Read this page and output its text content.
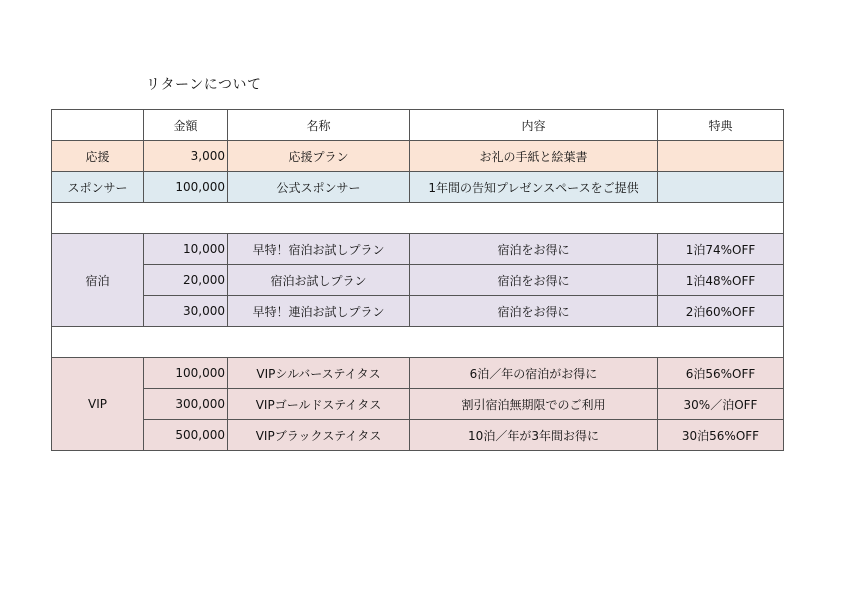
リターンについて
	金額	名称	内容	特典
応援	3,000	応援プラン	お礼の手紙と絵葉書	
スポンサー	100,000	公式スポンサー	1年間の告知プレゼンスペースをご提供	

宿泊	10,000	早特！宿泊お試しプラン	宿泊をお得に	1泊74%OFF
	20,000	宿泊お試しプラン	宿泊をお得に	1泊48%OFF
	30,000	早特！連泊お試しプラン	宿泊をお得に	2泊60%OFF

VIP	100,000	VIPシルバーステイタス	6泊／年の宿泊がお得に	6泊56%OFF
	300,000	VIPゴールドステイタス	割引宿泊無期限でのご利用	30%／泊OFF
	500,000	VIPブラックステイタス	10泊／年が3年間お得に	30泊56%OFF
